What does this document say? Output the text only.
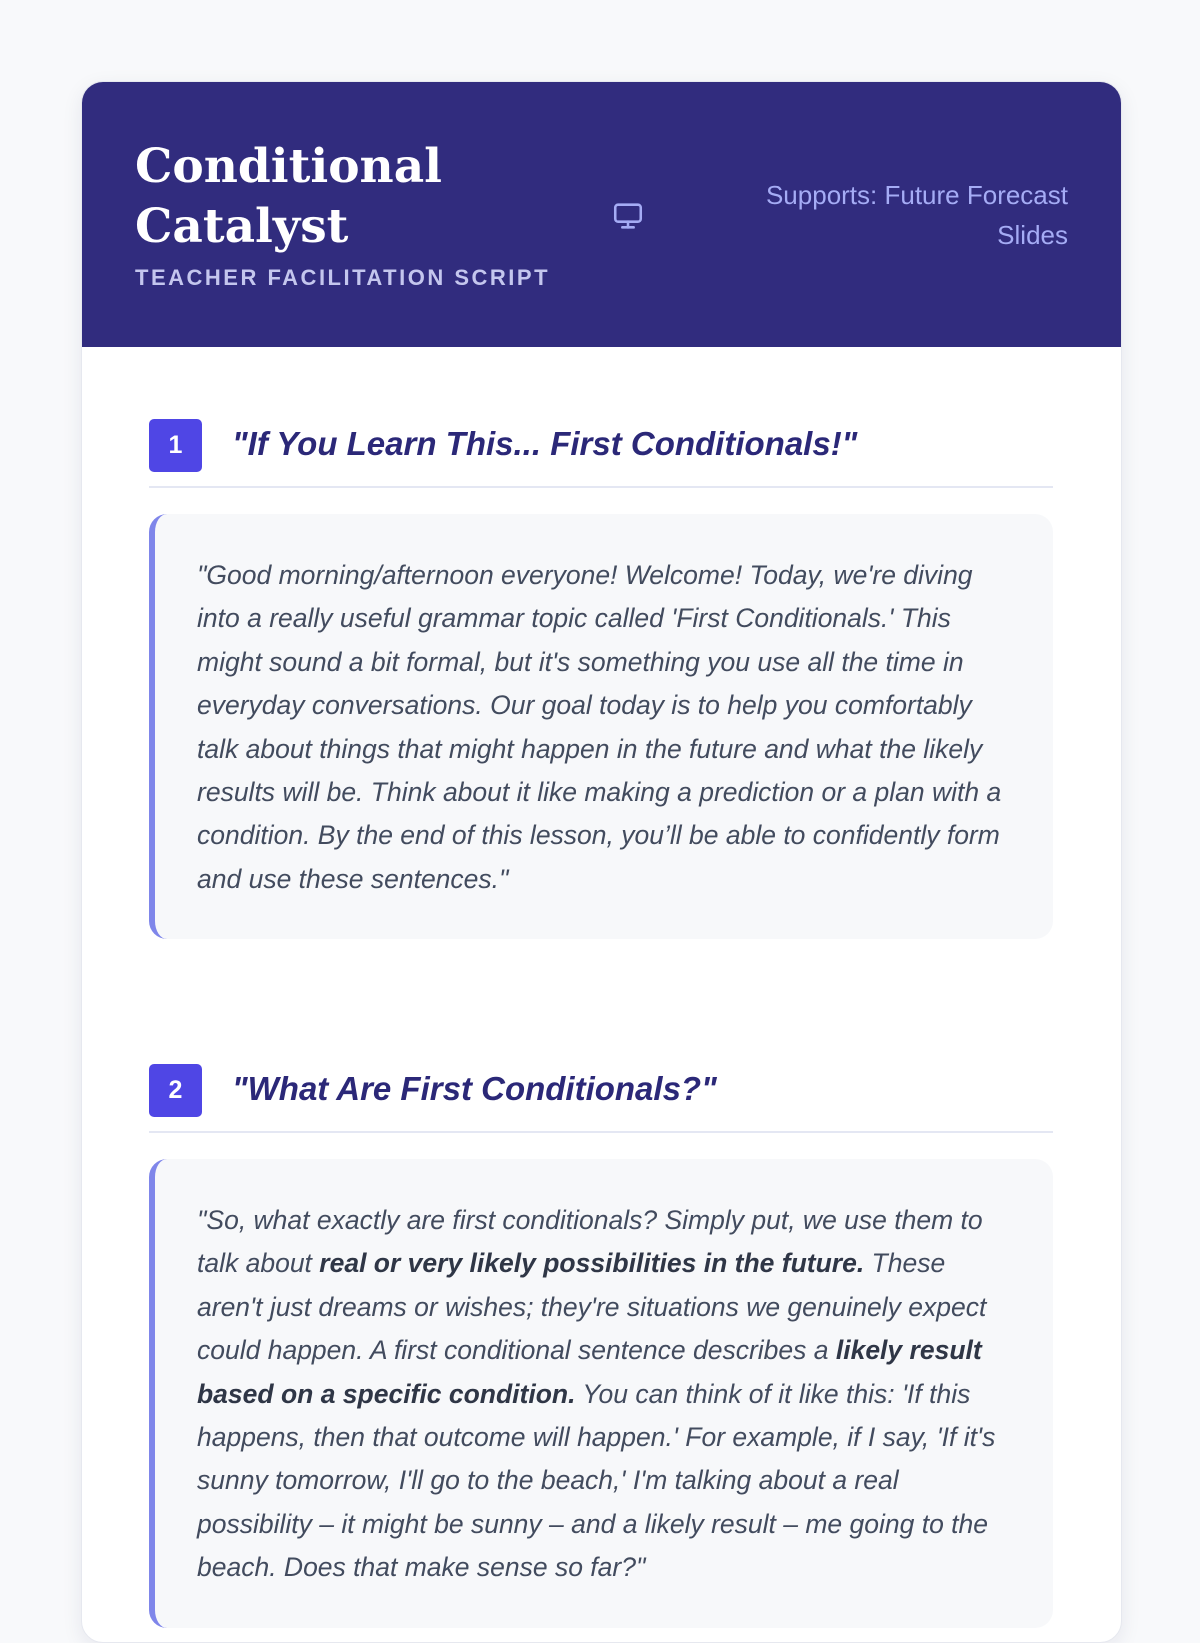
Conditional Catalyst
TEACHER FACILITATION SCRIPT
Supports: Future Forecast Slides
1	"If You Learn This... First Conditionals!"

"Good morning/afternoon everyone! Welcome! Today, we're diving into a really useful grammar topic called 'First Conditionals.' This might sound a bit formal, but it's something you use all the time in everyday conversations. Our goal today is to help you comfortably talk about things that might happen in the future and what the likely results will be. Think about it like making a prediction or a plan with a condition. By the end of this lesson, you’ll be able to confidently form and use these sentences."

2	"What Are First Conditionals?"

"So, what exactly are first conditionals? Simply put, we use them to talk about real or very likely possibilities in the future. These aren't just dreams or wishes; they're situations we genuinely expect could happen. A first conditional sentence describes a likely result based on a specific condition. You can think of it like this: 'If this happens, then that outcome will happen.' For example, if I say, 'If it's sunny tomorrow, I'll go to the beach,' I'm talking about a real possibility – it might be sunny – and a likely result – me going to the beach. Does that make sense so far?"
